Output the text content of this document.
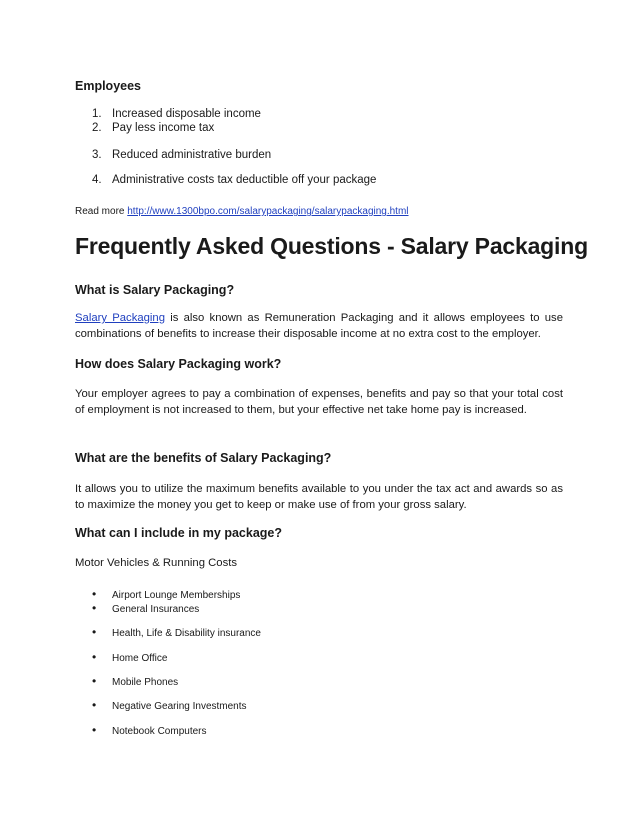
Employees
1. Increased disposable income
2. Pay less income tax
3. Reduced administrative burden
4. Administrative costs tax deductible off your package
Read more http://www.1300bpo.com/salarypackaging/salarypackaging.html
Frequently Asked Questions - Salary Packaging
What is Salary Packaging?

Salary Packaging is also known as Remuneration Packaging and it allows employees to use combinations of benefits to increase their disposable income at no extra cost to the employer.

How does Salary Packaging work?

Your employer agrees to pay a combination of expenses, benefits and pay so that your total cost of employment is not increased to them, but your effective net take home pay is increased.

What are the benefits of Salary Packaging?

It allows you to utilize the maximum benefits available to you under the tax act and awards so as to maximize the money you get to keep or make use of from your gross salary.

What can I include in my package?

Motor Vehicles & Running Costs

• Airport Lounge Memberships
• General Insurances
• Health, Life & Disability insurance
• Home Office
• Mobile Phones
• Negative Gearing Investments
• Notebook Computers
